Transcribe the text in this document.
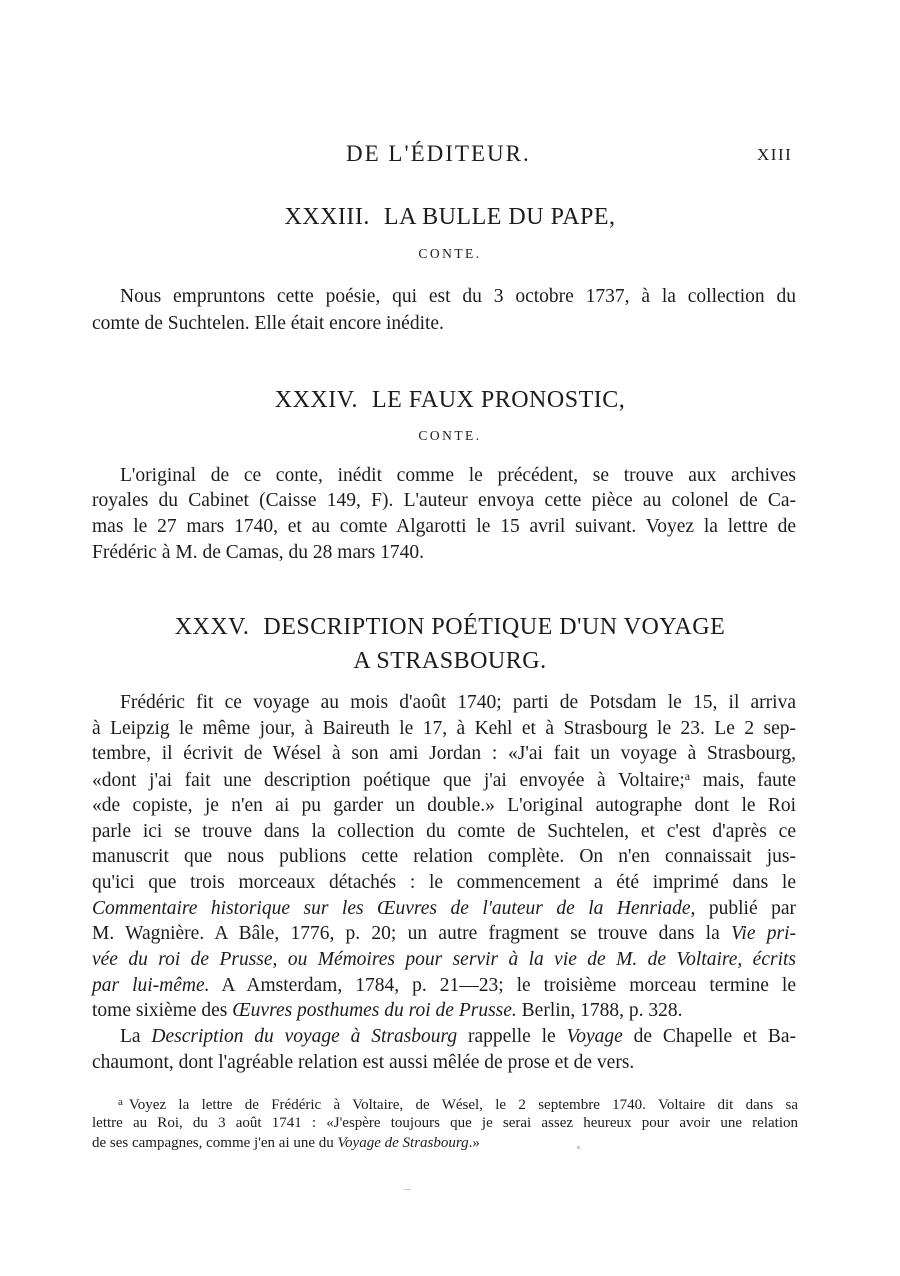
DE L'ÉDITEUR.	XIII
XXXIII. LA BULLE DU PAPE,
CONTE.
Nous empruntons cette poésie, qui est du 3 octobre 1737, à la collection du
comte de Suchtelen. Elle était encore inédite.
XXXIV. LE FAUX PRONOSTIC,
CONTE.
L'original de ce conte, inédit comme le précédent, se trouve aux archives
royales du Cabinet (Caisse 149, F). L'auteur envoya cette pièce au colonel de Ca-
mas le 27 mars 1740, et au comte Algarotti le 15 avril suivant. Voyez la lettre de
Frédéric à M. de Camas, du 28 mars 1740.
XXXV. DESCRIPTION POÉTIQUE D'UN VOYAGE
A STRASBOURG.
Frédéric fit ce voyage au mois d'août 1740; parti de Potsdam le 15, il arriva
à Leipzig le même jour, à Baireuth le 17, à Kehl et à Strasbourg le 23. Le 2 sep-
tembre, il écrivit de Wésel à son ami Jordan : «J'ai fait un voyage à Strasbourg,
«dont j'ai fait une description poétique que j'ai envoyée à Voltaire;$^a$ mais, faute
«de copiste, je n'en ai pu garder un double.» L'original autographe dont le Roi
parle ici se trouve dans la collection du comte de Suchtelen, et c'est d'après ce
manuscrit que nous publions cette relation complète. On n'en connaissait jus-
qu'ici que trois morceaux détachés : le commencement a été imprimé dans le
Commentaire historique sur les Œuvres de l'auteur de la Henriade, publié par
M. Wagnière. A Bâle, 1776, p. 20; un autre fragment se trouve dans la Vie pri-
vée du roi de Prusse, ou Mémoires pour servir à la vie de M. de Voltaire, écrits
par lui-même. A Amsterdam, 1784, p. 21—23; le troisième morceau termine le
tome sixième des Œuvres posthumes du roi de Prusse. Berlin, 1788, p. 328.
La Description du voyage à Strasbourg rappelle le Voyage de Chapelle et Ba-
chaumont, dont l'agréable relation est aussi mêlée de prose et de vers.
$^a$ Voyez la lettre de Frédéric à Voltaire, de Wésel, le 2 septembre 1740. Voltaire dit dans sa
lettre au Roi, du 3 août 1741 : «J'espère toujours que je serai assez heureux pour avoir une relation
de ses campagnes, comme j'en ai une du Voyage de Strasbourg.»
